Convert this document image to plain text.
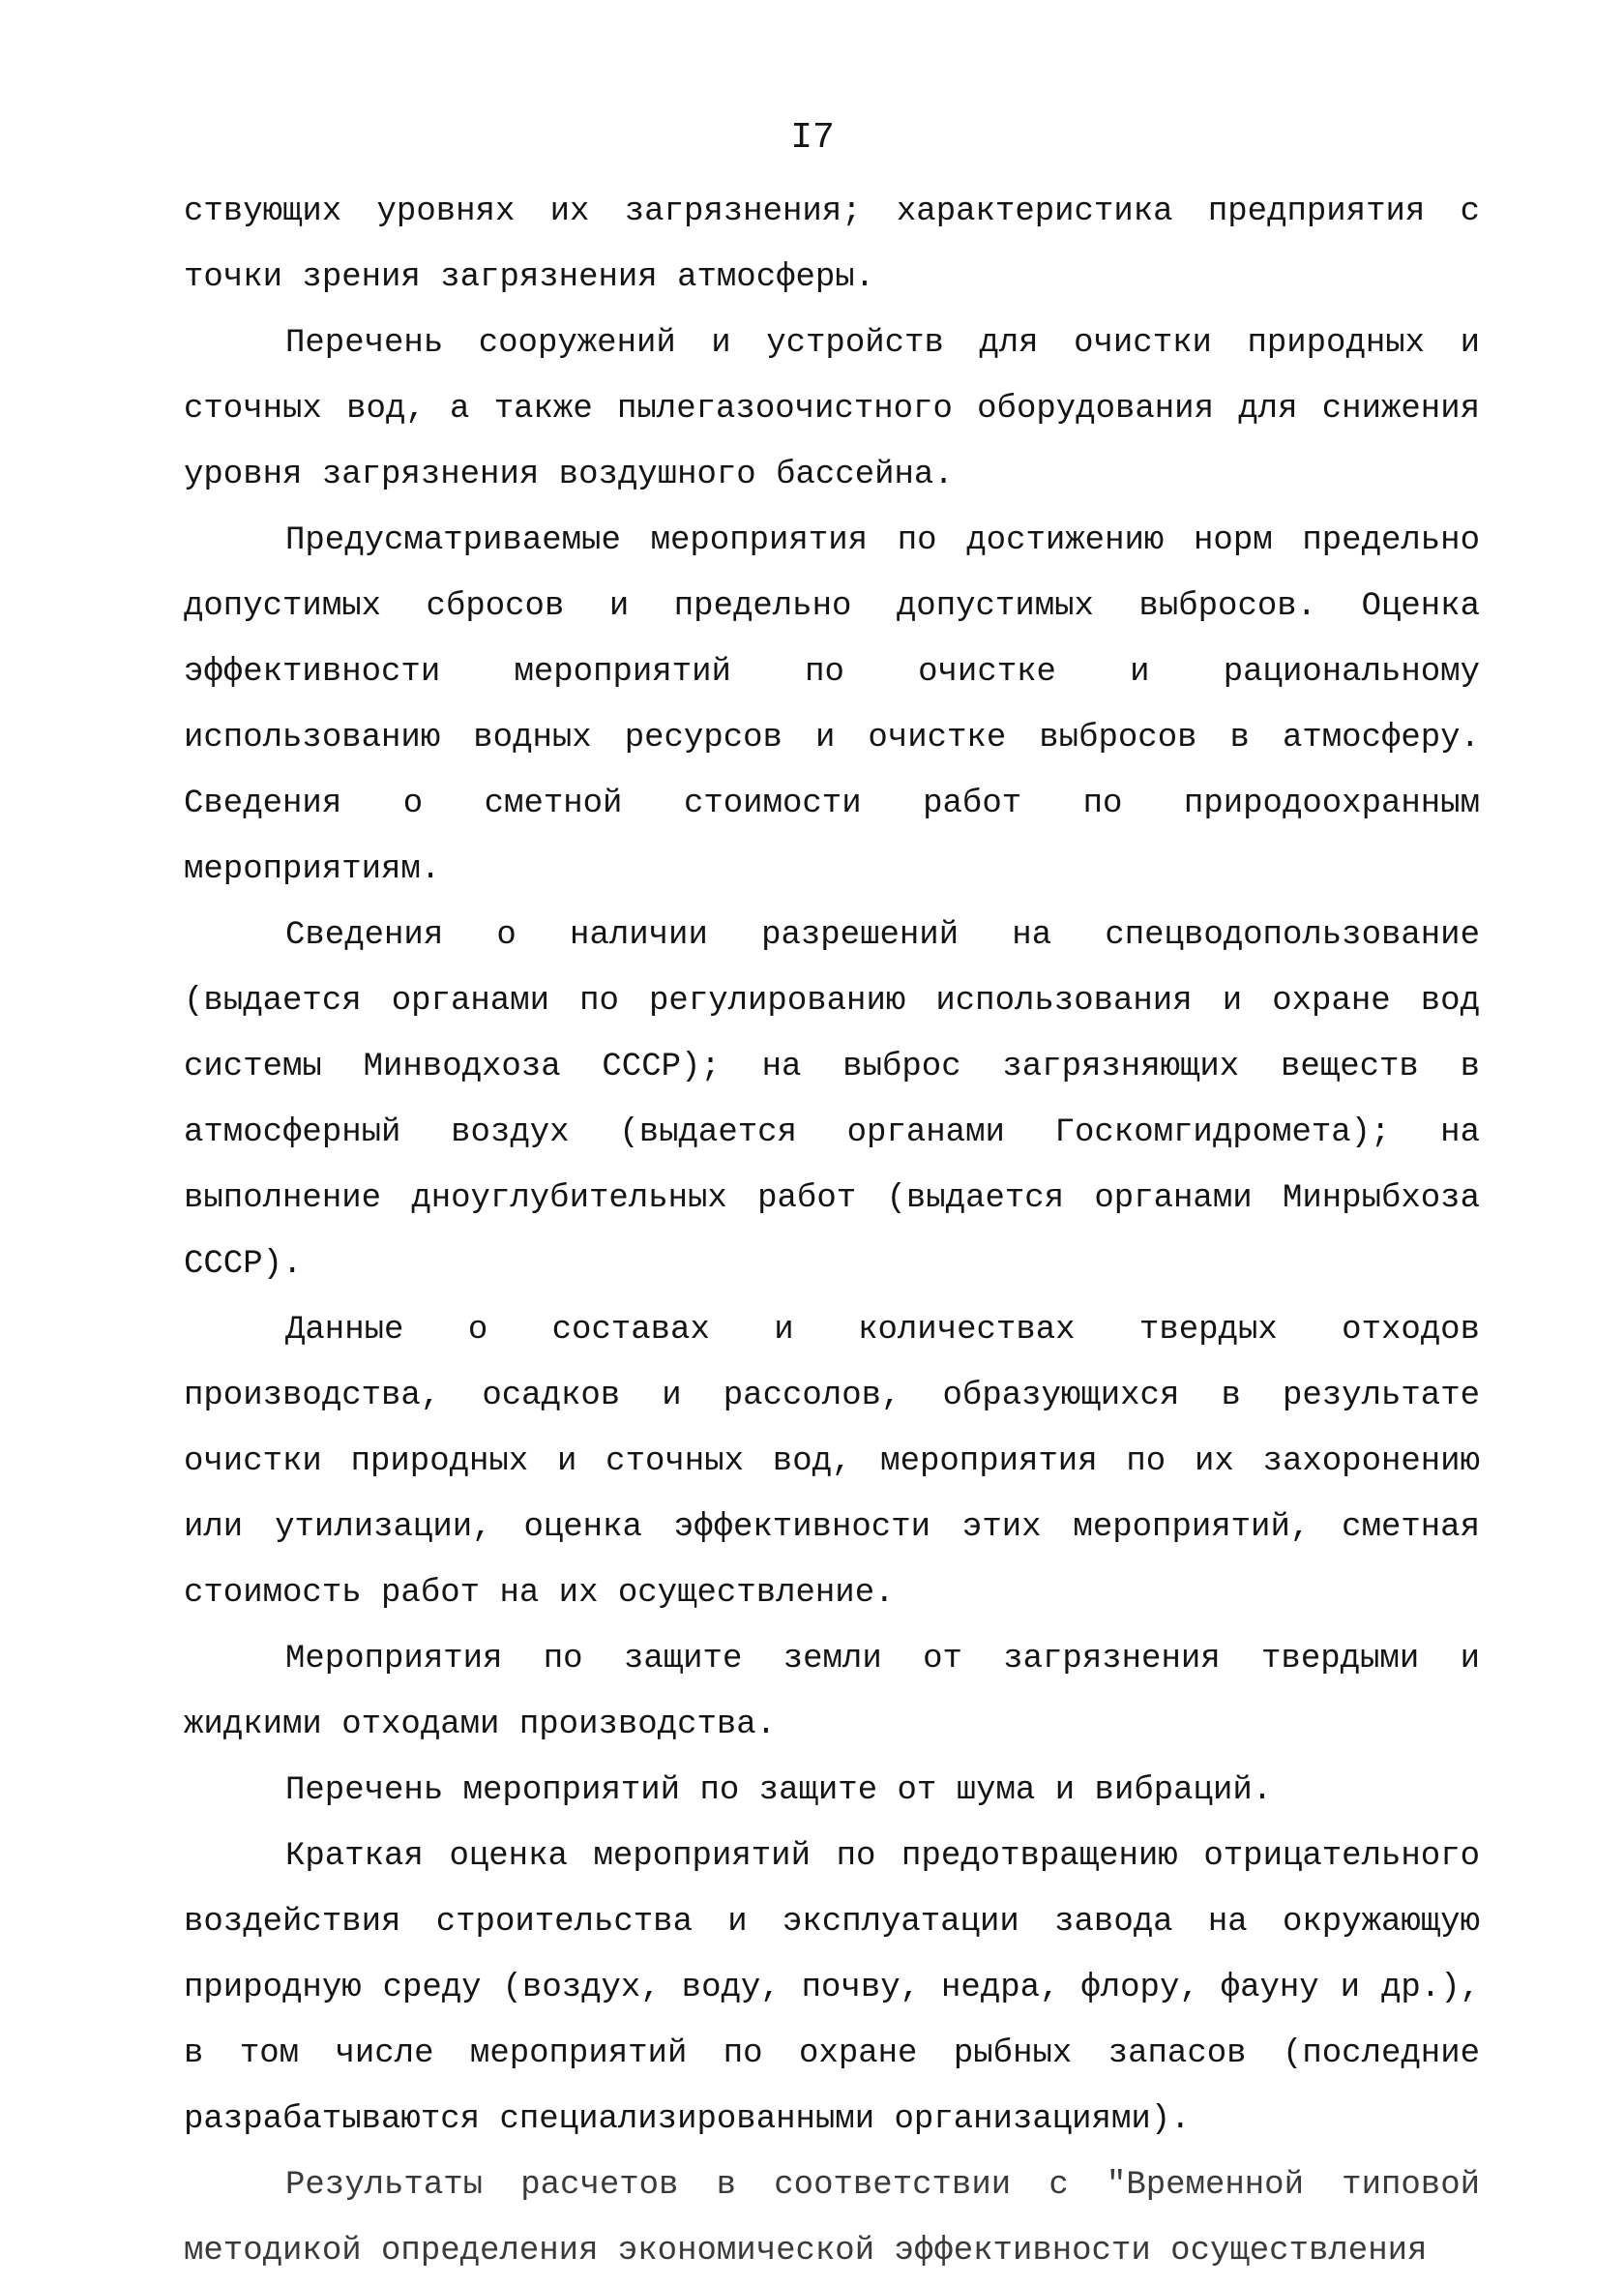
I7

ствующих уровнях их загрязнения; характеристика предприятия с точки зрения загрязнения атмосферы.

Перечень сооружений и устройств для очистки природных и сточных вод, а также пылегазоочистного оборудования для снижения уровня загрязнения воздушного бассейна.

Предусматриваемые мероприятия по достижению норм предельно допустимых сбросов и предельно допустимых выбросов. Оценка эффективности мероприятий по очистке и рациональному использованию водных ресурсов и очистке выбросов в атмосферу. Сведения о сметной стоимости работ по природоохранным мероприятиям.

Сведения о наличии разрешений на спецводопользование (выдается органами по регулированию использования и охране вод системы Минводхоза СССР); на выброс загрязняющих веществ в атмосферный воздух (выдается органами Госкомгидромета); на выполнение дноуглубительных работ (выдается органами Минрыбхоза СССР).

Данные о составах и количествах твердых отходов производства, осадков и рассолов, образующихся в результате очистки природных и сточных вод, мероприятия по их захоронению или утилизации, оценка эффективности этих мероприятий, сметная стоимость работ на их осуществление.

Мероприятия по защите земли от загрязнения твердыми и жидкими отходами производства.

Перечень мероприятий по защите от шума и вибраций.

Краткая оценка мероприятий по предотвращению отрицательного воздействия строительства и эксплуатации завода на окружающую природную среду (воздух, воду, почву, недра, флору, фауну и др.), в том числе мероприятий по охране рыбных запасов (последние разрабатываются специализированными организациями).

Результаты расчетов в соответствии с "Временной типовой методикой определения экономической эффективности осуществления
